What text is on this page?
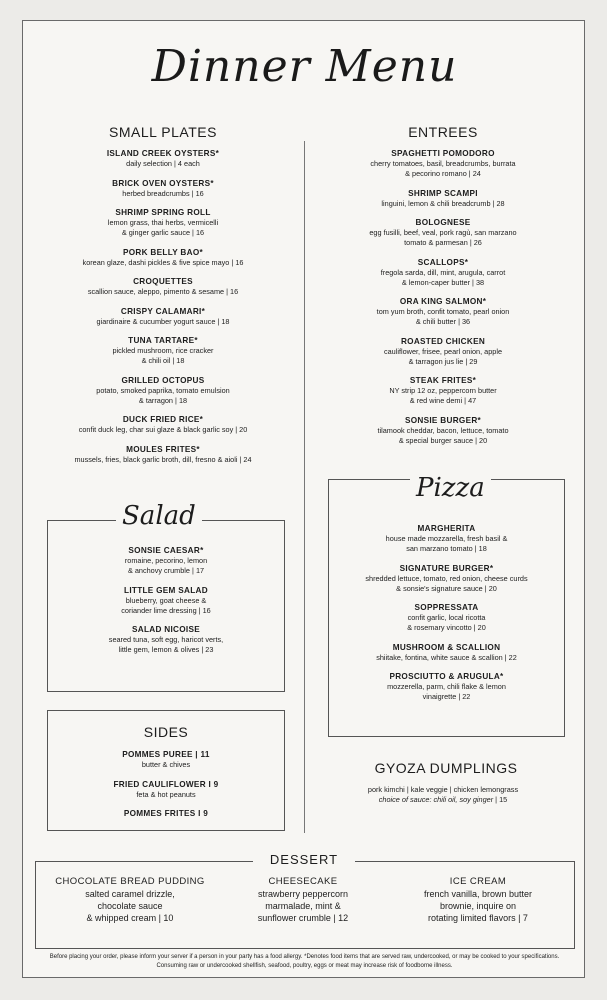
Dinner Menu
SMALL PLATES
ISLAND CREEK OYSTERS*
daily selection | 4 each
BRICK OVEN OYSTERS*
herbed breadcrumbs | 16
SHRIMP SPRING ROLL
lemon grass, thai herbs, vermicelli
& ginger garlic sauce | 16
PORK BELLY BAO*
korean glaze, dashi pickles & five spice mayo | 16
CROQUETTES
scallion sauce, aleppo, pimento & sesame | 16
CRISPY CALAMARI*
giardinaire & cucumber yogurt sauce | 18
TUNA TARTARE*
pickled mushroom, rice cracker
& chili oil | 18
GRILLED OCTOPUS
potato, smoked paprika, tomato emulsion
& tarragon | 18
DUCK FRIED RICE*
confit duck leg, char sui glaze & black garlic soy | 20
MOULES FRITES*
mussels, fries, black garlic broth, dill, fresno & aioli | 24
ENTREES
SPAGHETTI POMODORO
cherry tomatoes, basil, breadcrumbs, burrata
& pecorino romano | 24
SHRIMP SCAMPI
linguini, lemon & chili breadcrumb | 28
BOLOGNESE
egg fusilli, beef, veal, pork ragù, san marzano
tomato & parmesan | 26
SCALLOPS*
fregola sarda, dill, mint, arugula, carrot
& lemon-caper butter | 38
ORA KING SALMON*
tom yum broth, confit tomato, pearl onion
& chili butter | 36
ROASTED CHICKEN
cauliflower, frisee, pearl onion, apple
& tarragon jus lie | 29
STEAK FRITES*
NY strip 12 oz, peppercorn butter
& red wine demi | 47
SONSIE BURGER*
tilamook cheddar, bacon, lettuce, tomato
& special burger sauce | 20
Salad
SONSIE CAESAR*
romaine, pecorino, lemon
& anchovy crumble | 17
LITTLE GEM SALAD
blueberry, goat cheese &
coriander lime dressing | 16
SALAD NICOISE
seared tuna, soft egg, haricot verts,
little gem, lemon & olives | 23
SIDES
POMMES PUREE | 11
butter & chives
FRIED CAULIFLOWER I 9
feta & hot peanuts
POMMES FRITES I 9
Pizza
MARGHERITA
house made mozzarella, fresh basil &
san marzano tomato | 18
SIGNATURE BURGER*
shredded lettuce, tomato, red onion, cheese curds
& sonsie's signature sauce | 20
SOPPRESSATA
confit garlic, local ricotta
& rosemary vincotto | 20
MUSHROOM & SCALLION
shiitake, fontina, white sauce & scallion | 22
PROSCIUTTO & ARUGULA*
mozzerella, parm, chili flake & lemon
vinaigrette | 22
GYOZA DUMPLINGS
pork kimchi | kale veggie | chicken lemongrass
choice of sauce: chili oil, soy ginger | 15
DESSERT
CHOCOLATE BREAD PUDDING
salted caramel drizzle,
chocolate sauce
& whipped cream | 10
CHEESECAKE
strawberry peppercorn
marmalade, mint &
sunflower crumble | 12
ICE CREAM
french vanilla, brown butter
brownie, inquire on
rotating limited flavors | 7
Before placing your order, please inform your server if a person in your party has a food allergy. *Denotes food items that are served raw, undercooked, or may be cooked to your specifications. Consuming raw or undercooked shellfish, seafood, poultry, eggs or meat may increase risk of foodborne illness.
